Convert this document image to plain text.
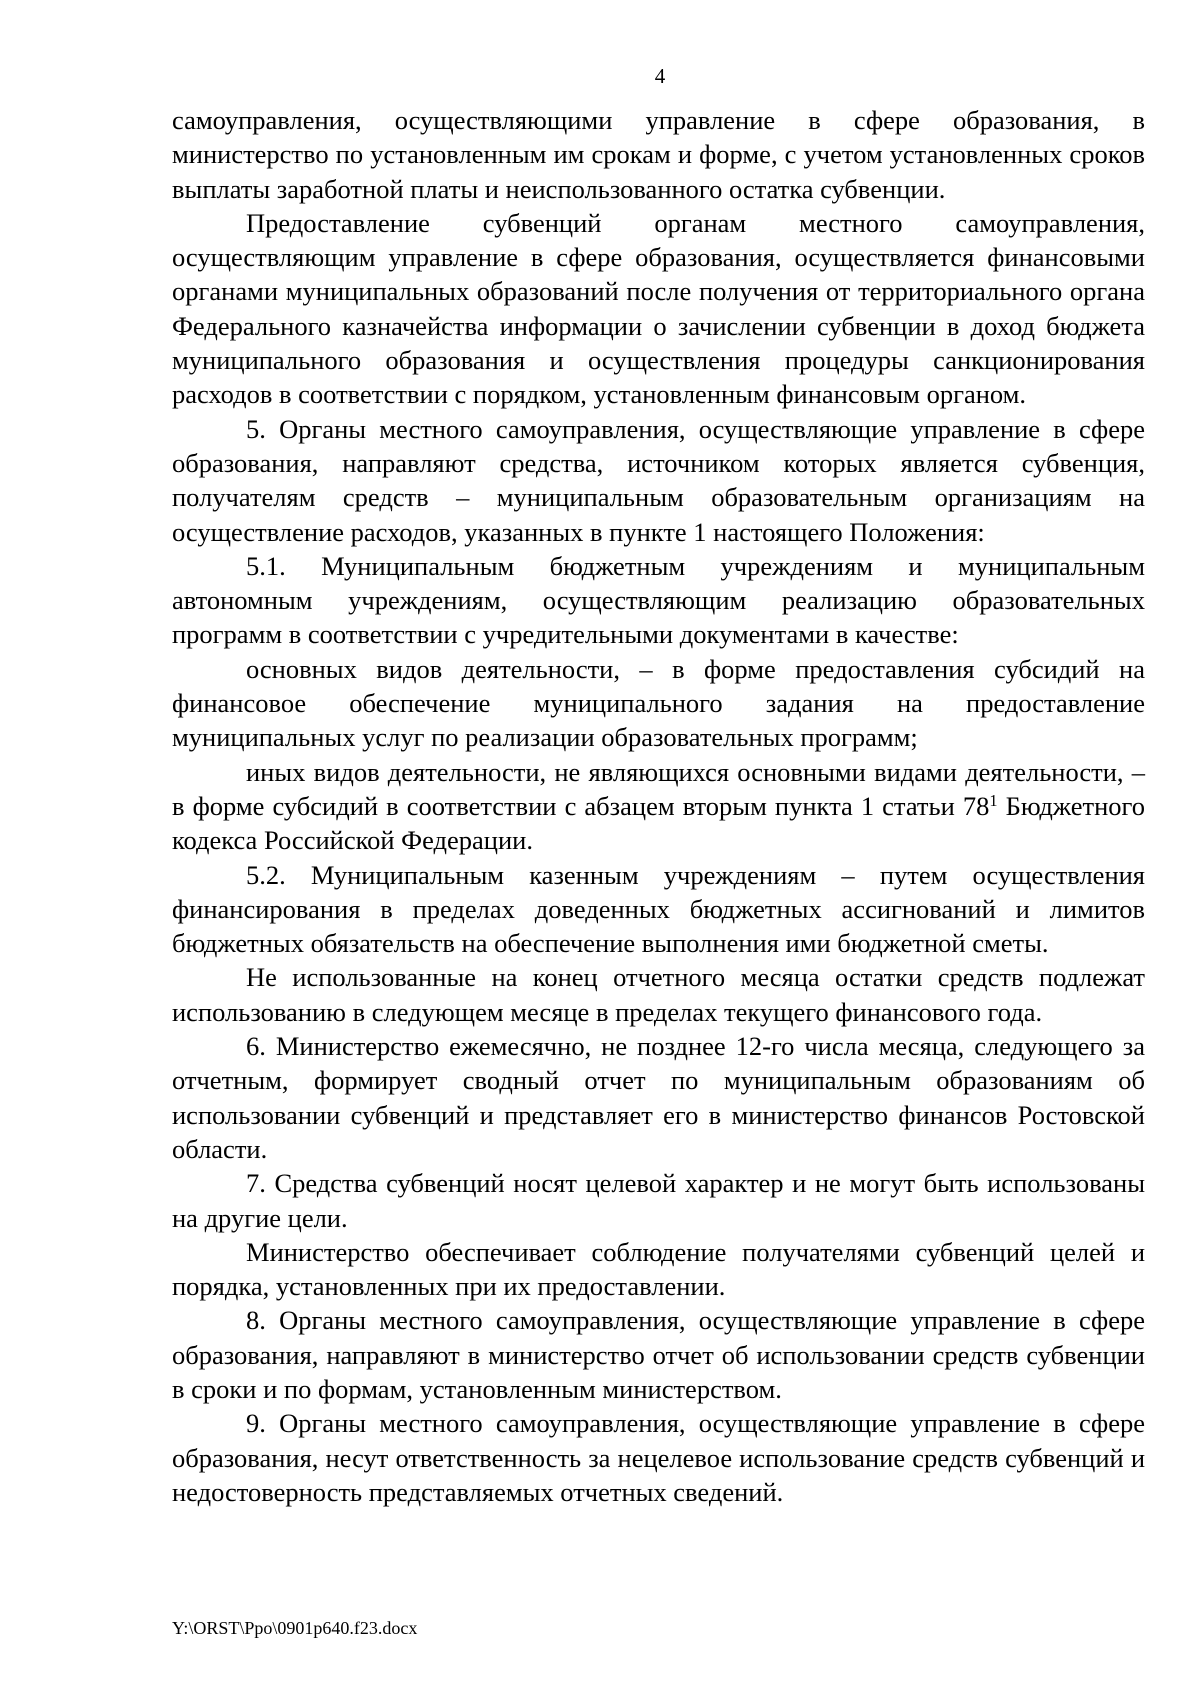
4

самоуправления, осуществляющими управление в сфере образования, в министерство по установленным им срокам и форме, с учетом установленных сроков выплаты заработной платы и неиспользованного остатка субвенции.

Предоставление субвенций органам местного самоуправления, осуществляющим управление в сфере образования, осуществляется финансовыми органами муниципальных образований после получения от территориального органа Федерального казначейства информации о зачислении субвенции в доход бюджета муниципального образования и осуществления процедуры санкционирования расходов в соответствии с порядком, установленным финансовым органом.

5. Органы местного самоуправления, осуществляющие управление в сфере образования, направляют средства, источником которых является субвенция, получателям средств – муниципальным образовательным организациям на осуществление расходов, указанных в пункте 1 настоящего Положения:

5.1. Муниципальным бюджетным учреждениям и муниципальным автономным учреждениям, осуществляющим реализацию образовательных программ в соответствии с учредительными документами в качестве:

основных видов деятельности, – в форме предоставления субсидий на финансовое обеспечение муниципального задания на предоставление муниципальных услуг по реализации образовательных программ;

иных видов деятельности, не являющихся основными видами деятельности, – в форме субсидий в соответствии с абзацем вторым пункта 1 статьи $78^1$ Бюджетного кодекса Российской Федерации.

5.2. Муниципальным казенным учреждениям – путем осуществления финансирования в пределах доведенных бюджетных ассигнований и лимитов бюджетных обязательств на обеспечение выполнения ими бюджетной сметы.

Не использованные на конец отчетного месяца остатки средств подлежат использованию в следующем месяце в пределах текущего финансового года.

6. Министерство ежемесячно, не позднее 12-го числа месяца, следующего за отчетным, формирует сводный отчет по муниципальным образованиям об использовании субвенций и представляет его в министерство финансов Ростовской области.

7. Средства субвенций носят целевой характер и не могут быть использованы на другие цели.

Министерство обеспечивает соблюдение получателями субвенций целей и порядка, установленных при их предоставлении.

8. Органы местного самоуправления, осуществляющие управление в сфере образования, направляют в министерство отчет об использовании средств субвенции в сроки и по формам, установленным министерством.

9. Органы местного самоуправления, осуществляющие управление в сфере образования, несут ответственность за нецелевое использование средств субвенций и недостоверность представляемых отчетных сведений.

Y:\ORST\Ppo\0901p640.f23.docx
